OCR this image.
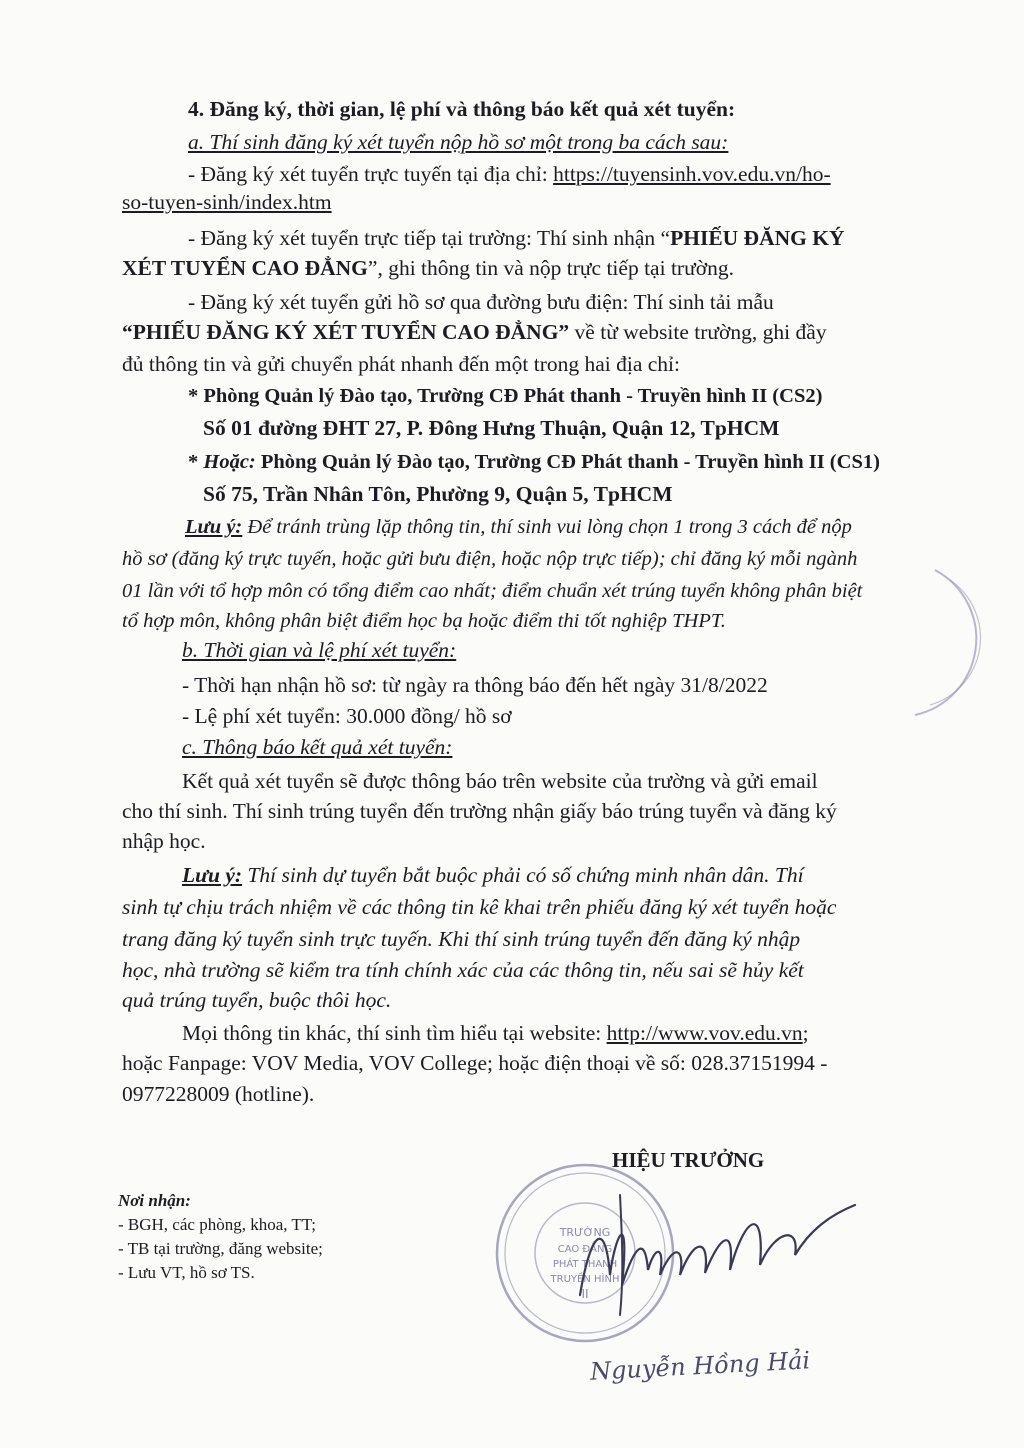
4. Đăng ký, thời gian, lệ phí và thông báo kết quả xét tuyển:
a. Thí sinh đăng ký xét tuyển nộp hồ sơ một trong ba cách sau:
- Đăng ký xét tuyển trực tuyến tại địa chỉ: https://tuyensinh.vov.edu.vn/ho-
so-tuyen-sinh/index.htm
- Đăng ký xét tuyển trực tiếp tại trường: Thí sinh nhận “PHIẾU ĐĂNG KÝ
XÉT TUYỂN CAO ĐẲNG”, ghi thông tin và nộp trực tiếp tại trường.
- Đăng ký xét tuyển gửi hồ sơ qua đường bưu điện: Thí sinh tải mẫu
“PHIẾU ĐĂNG KÝ XÉT TUYỂN CAO ĐẲNG” về từ website trường, ghi đầy
đủ thông tin và gửi chuyển phát nhanh đến một trong hai địa chỉ:
* Phòng Quản lý Đào tạo, Trường CĐ Phát thanh - Truyền hình II (CS2)
Số 01 đường ĐHT 27, P. Đông Hưng Thuận, Quận 12, TpHCM
* Hoặc: Phòng Quản lý Đào tạo, Trường CĐ Phát thanh - Truyền hình II (CS1)
Số 75, Trần Nhân Tôn, Phường 9, Quận 5, TpHCM
Lưu ý: Để tránh trùng lặp thông tin, thí sinh vui lòng chọn 1 trong 3 cách để nộp
hồ sơ (đăng ký trực tuyến, hoặc gửi bưu điện, hoặc nộp trực tiếp); chỉ đăng ký mỗi ngành
01 lần với tổ hợp môn có tổng điểm cao nhất; điểm chuẩn xét trúng tuyển không phân biệt
tổ hợp môn, không phân biệt điểm học bạ hoặc điểm thi tốt nghiệp THPT.
b. Thời gian và lệ phí xét tuyển:
- Thời hạn nhận hồ sơ: từ ngày ra thông báo đến hết ngày 31/8/2022
- Lệ phí xét tuyển: 30.000 đồng/ hồ sơ
c. Thông báo kết quả xét tuyển:
Kết quả xét tuyển sẽ được thông báo trên website của trường và gửi email
cho thí sinh. Thí sinh trúng tuyển đến trường nhận giấy báo trúng tuyển và đăng ký
nhập học.
Lưu ý: Thí sinh dự tuyển bắt buộc phải có số chứng minh nhân dân. Thí
sinh tự chịu trách nhiệm về các thông tin kê khai trên phiếu đăng ký xét tuyển hoặc
trang đăng ký tuyển sinh trực tuyến. Khi thí sinh trúng tuyển đến đăng ký nhập
học, nhà trường sẽ kiểm tra tính chính xác của các thông tin, nếu sai sẽ hủy kết
quả trúng tuyển, buộc thôi học.
Mọi thông tin khác, thí sinh tìm hiểu tại website: http://www.vov.edu.vn;
hoặc Fanpage: VOV Media, VOV College; hoặc điện thoại về số: 028.37151994 -
0977228009 (hotline).
HIỆU TRƯỞNG
Nơi nhận:
- BGH, các phòng, khoa, TT;
- TB tại trường, đăng website;
- Lưu VT, hồ sơ TS.
TRƯỜNG
CAO ĐẲNG
PHÁT THANH
TRUYỀN HÌNH
II
Nguyễn Hồng Hải
